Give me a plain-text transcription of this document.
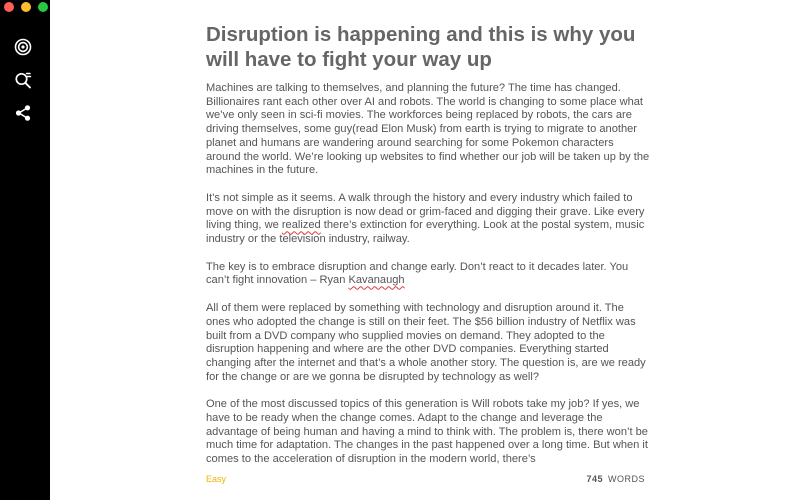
Disruption is happening and this is why you will have to fight your way up

Machines are talking to themselves, and planning the future? The time has changed. Billionaires rant each other over AI and robots. The world is changing to some place what we’ve only seen in sci-fi movies. The workforces being replaced by robots, the cars are driving themselves, some guy(read Elon Musk) from earth is trying to migrate to another planet and humans are wandering around searching for some Pokemon characters around the world. We’re looking up websites to find whether our job will be taken up by the machines in the future.

It’s not simple as it seems. A walk through the history and every industry which failed to move on with the disruption is now dead or grim-faced and digging their grave. Like every living thing, we realized there’s extinction for everything. Look at the postal system, music industry or the television industry, railway.

The key is to embrace disruption and change early. Don’t react to it decades later. You can’t fight innovation – Ryan Kavanaugh

All of them were replaced by something with technology and disruption around it. The ones who adopted the change is still on their feet. The $56 billion industry of Netflix was built from a DVD company who supplied movies on demand. They adopted to the disruption happening and where are the other DVD companies. Everything started changing after the internet and that’s a whole another story. The question is, are we ready for the change or are we gonna be disrupted by technology as well?

One of the most discussed topics of this generation is Will robots take my job? If yes, we have to be ready when the change comes. Adapt to the change and leverage the advantage of being human and having a mind to think with. The problem is, there won’t be much time for adaptation. The changes in the past happened over a long time. But when it comes to the acceleration of disruption in the modern world, there’s

Easy	745 WORDS
